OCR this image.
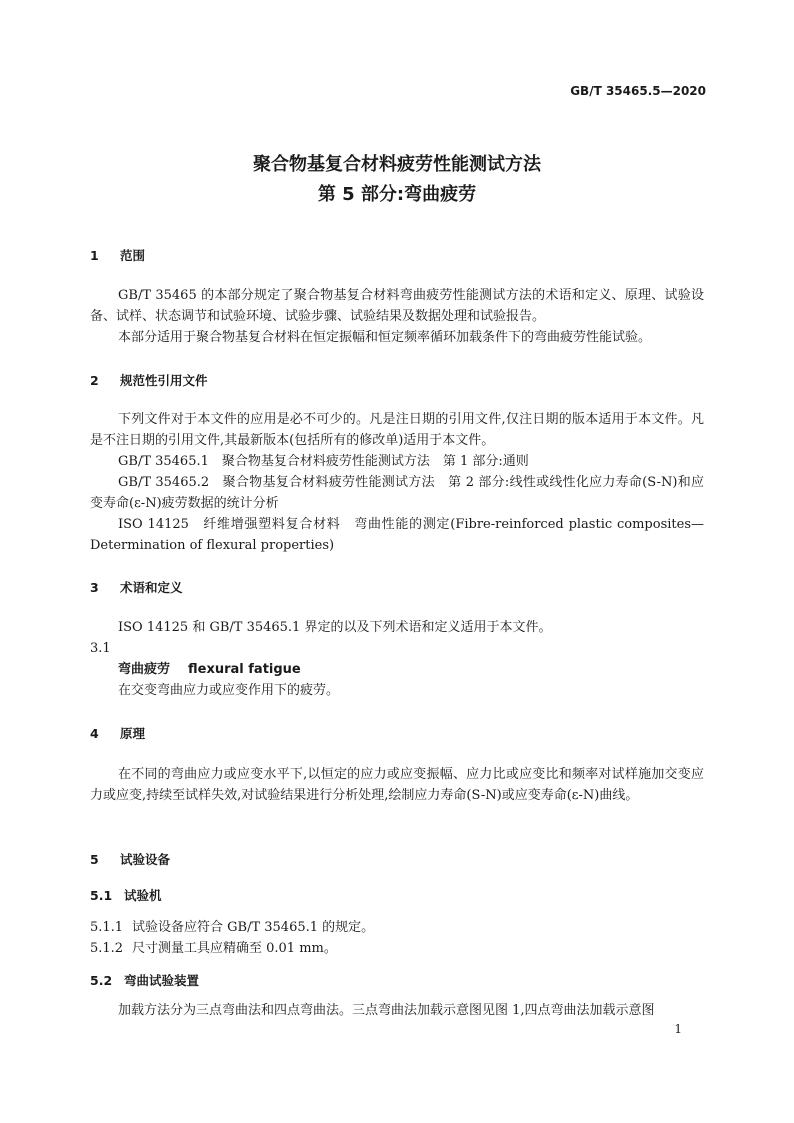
GB/T 35465.5—2020
聚合物基复合材料疲劳性能测试方法
第 5 部分:弯曲疲劳
1 范围
GB/T 35465 的本部分规定了聚合物基复合材料弯曲疲劳性能测试方法的术语和定义、原理、试验设备、试样、状态调节和试验环境、试验步骤、试验结果及数据处理和试验报告。
本部分适用于聚合物基复合材料在恒定振幅和恒定频率循环加载条件下的弯曲疲劳性能试验。
2 规范性引用文件
下列文件对于本文件的应用是必不可少的。凡是注日期的引用文件,仅注日期的版本适用于本文件。凡是不注日期的引用文件,其最新版本(包括所有的修改单)适用于本文件。
GB/T 35465.1　聚合物基复合材料疲劳性能测试方法　第 1 部分:通则
GB/T 35465.2　聚合物基复合材料疲劳性能测试方法　第 2 部分:线性或线性化应力寿命(S-N)和应变寿命(ε-N)疲劳数据的统计分析
ISO 14125　纤维增强塑料复合材料　弯曲性能的测定(Fibre-reinforced plastic composites—Determination of flexural properties)
3 术语和定义
ISO 14125 和 GB/T 35465.1 界定的以及下列术语和定义适用于本文件。
3.1
弯曲疲劳 flexural fatigue
在交变弯曲应力或应变作用下的疲劳。
4 原理
在不同的弯曲应力或应变水平下,以恒定的应力或应变振幅、应力比或应变比和频率对试样施加交变应力或应变,持续至试样失效,对试验结果进行分析处理,绘制应力寿命(S-N)或应变寿命(ε-N)曲线。
5 试验设备
5.1 试验机
5.1.1 试验设备应符合 GB/T 35465.1 的规定。
5.1.2 尺寸测量工具应精确至 0.01 mm。
5.2 弯曲试验装置
加载方法分为三点弯曲法和四点弯曲法。三点弯曲法加载示意图见图 1,四点弯曲法加载示意图
1
